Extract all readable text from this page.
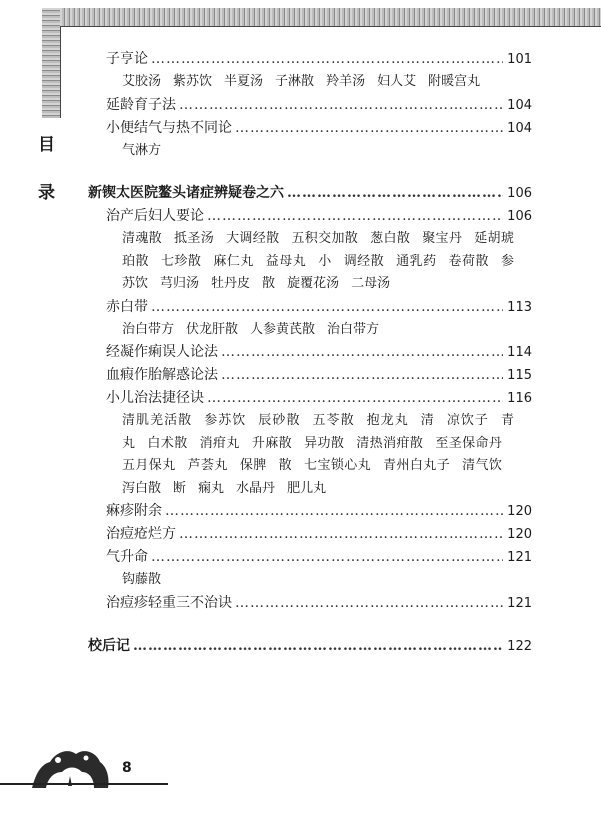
目
录
子亨论 ………………………………………………………………………………………………………………………………………………………………	101
艾胶汤 紫苏饮 半夏汤 子淋散 羚羊汤 妇人艾 附暖宫丸
延龄育子法 ………………………………………………………………………………………………………………………………………………………………	104
小便结气与热不同论 ………………………………………………………………………………………………………………………………………………………………	104
气淋方
新锲太医院鳌头诸症辨疑卷之六 ………………………………………………………………………………………………………………………………………………………………	106
治产后妇人要论 ………………………………………………………………………………………………………………………………………………………………	106
清魂散 抵圣汤 大调经散 五积交加散 葱白散 聚宝丹 延胡琥珀散 七珍散 麻仁丸 益母丸 小 调经散 通乳药 卷荷散 参苏饮 芎归汤 牡丹皮 散 旋覆花汤 二母汤
赤白带 ………………………………………………………………………………………………………………………………………………………………	113
治白带方 伏龙肝散 人参黄芪散 治白带方
经凝作痢误人论法 ………………………………………………………………………………………………………………………………………………………………	114
血瘕作胎解惑论法 ………………………………………………………………………………………………………………………………………………………………	115
小儿治法捷径诀 ………………………………………………………………………………………………………………………………………………………………	116
清肌羌活散 参苏饮 辰砂散 五苓散 抱龙丸 清 凉饮子 青丸 白术散 消疳丸 升麻散 异功散 清热消疳散 至圣保命丹五月保丸 芦荟丸 保脾 散 七宝锁心丸 青州白丸子 清气饮泻白散 断 痫丸 水晶丹 肥儿丸
痳疹附余 ………………………………………………………………………………………………………………………………………………………………	120
治痘疮烂方 ………………………………………………………………………………………………………………………………………………………………	120
气升命 ………………………………………………………………………………………………………………………………………………………………	121
钩藤散
治痘疹轻重三不治诀 ………………………………………………………………………………………………………………………………………………………………	121
校后记 ………………………………………………………………………………………………………………………………………………………………	122
8
